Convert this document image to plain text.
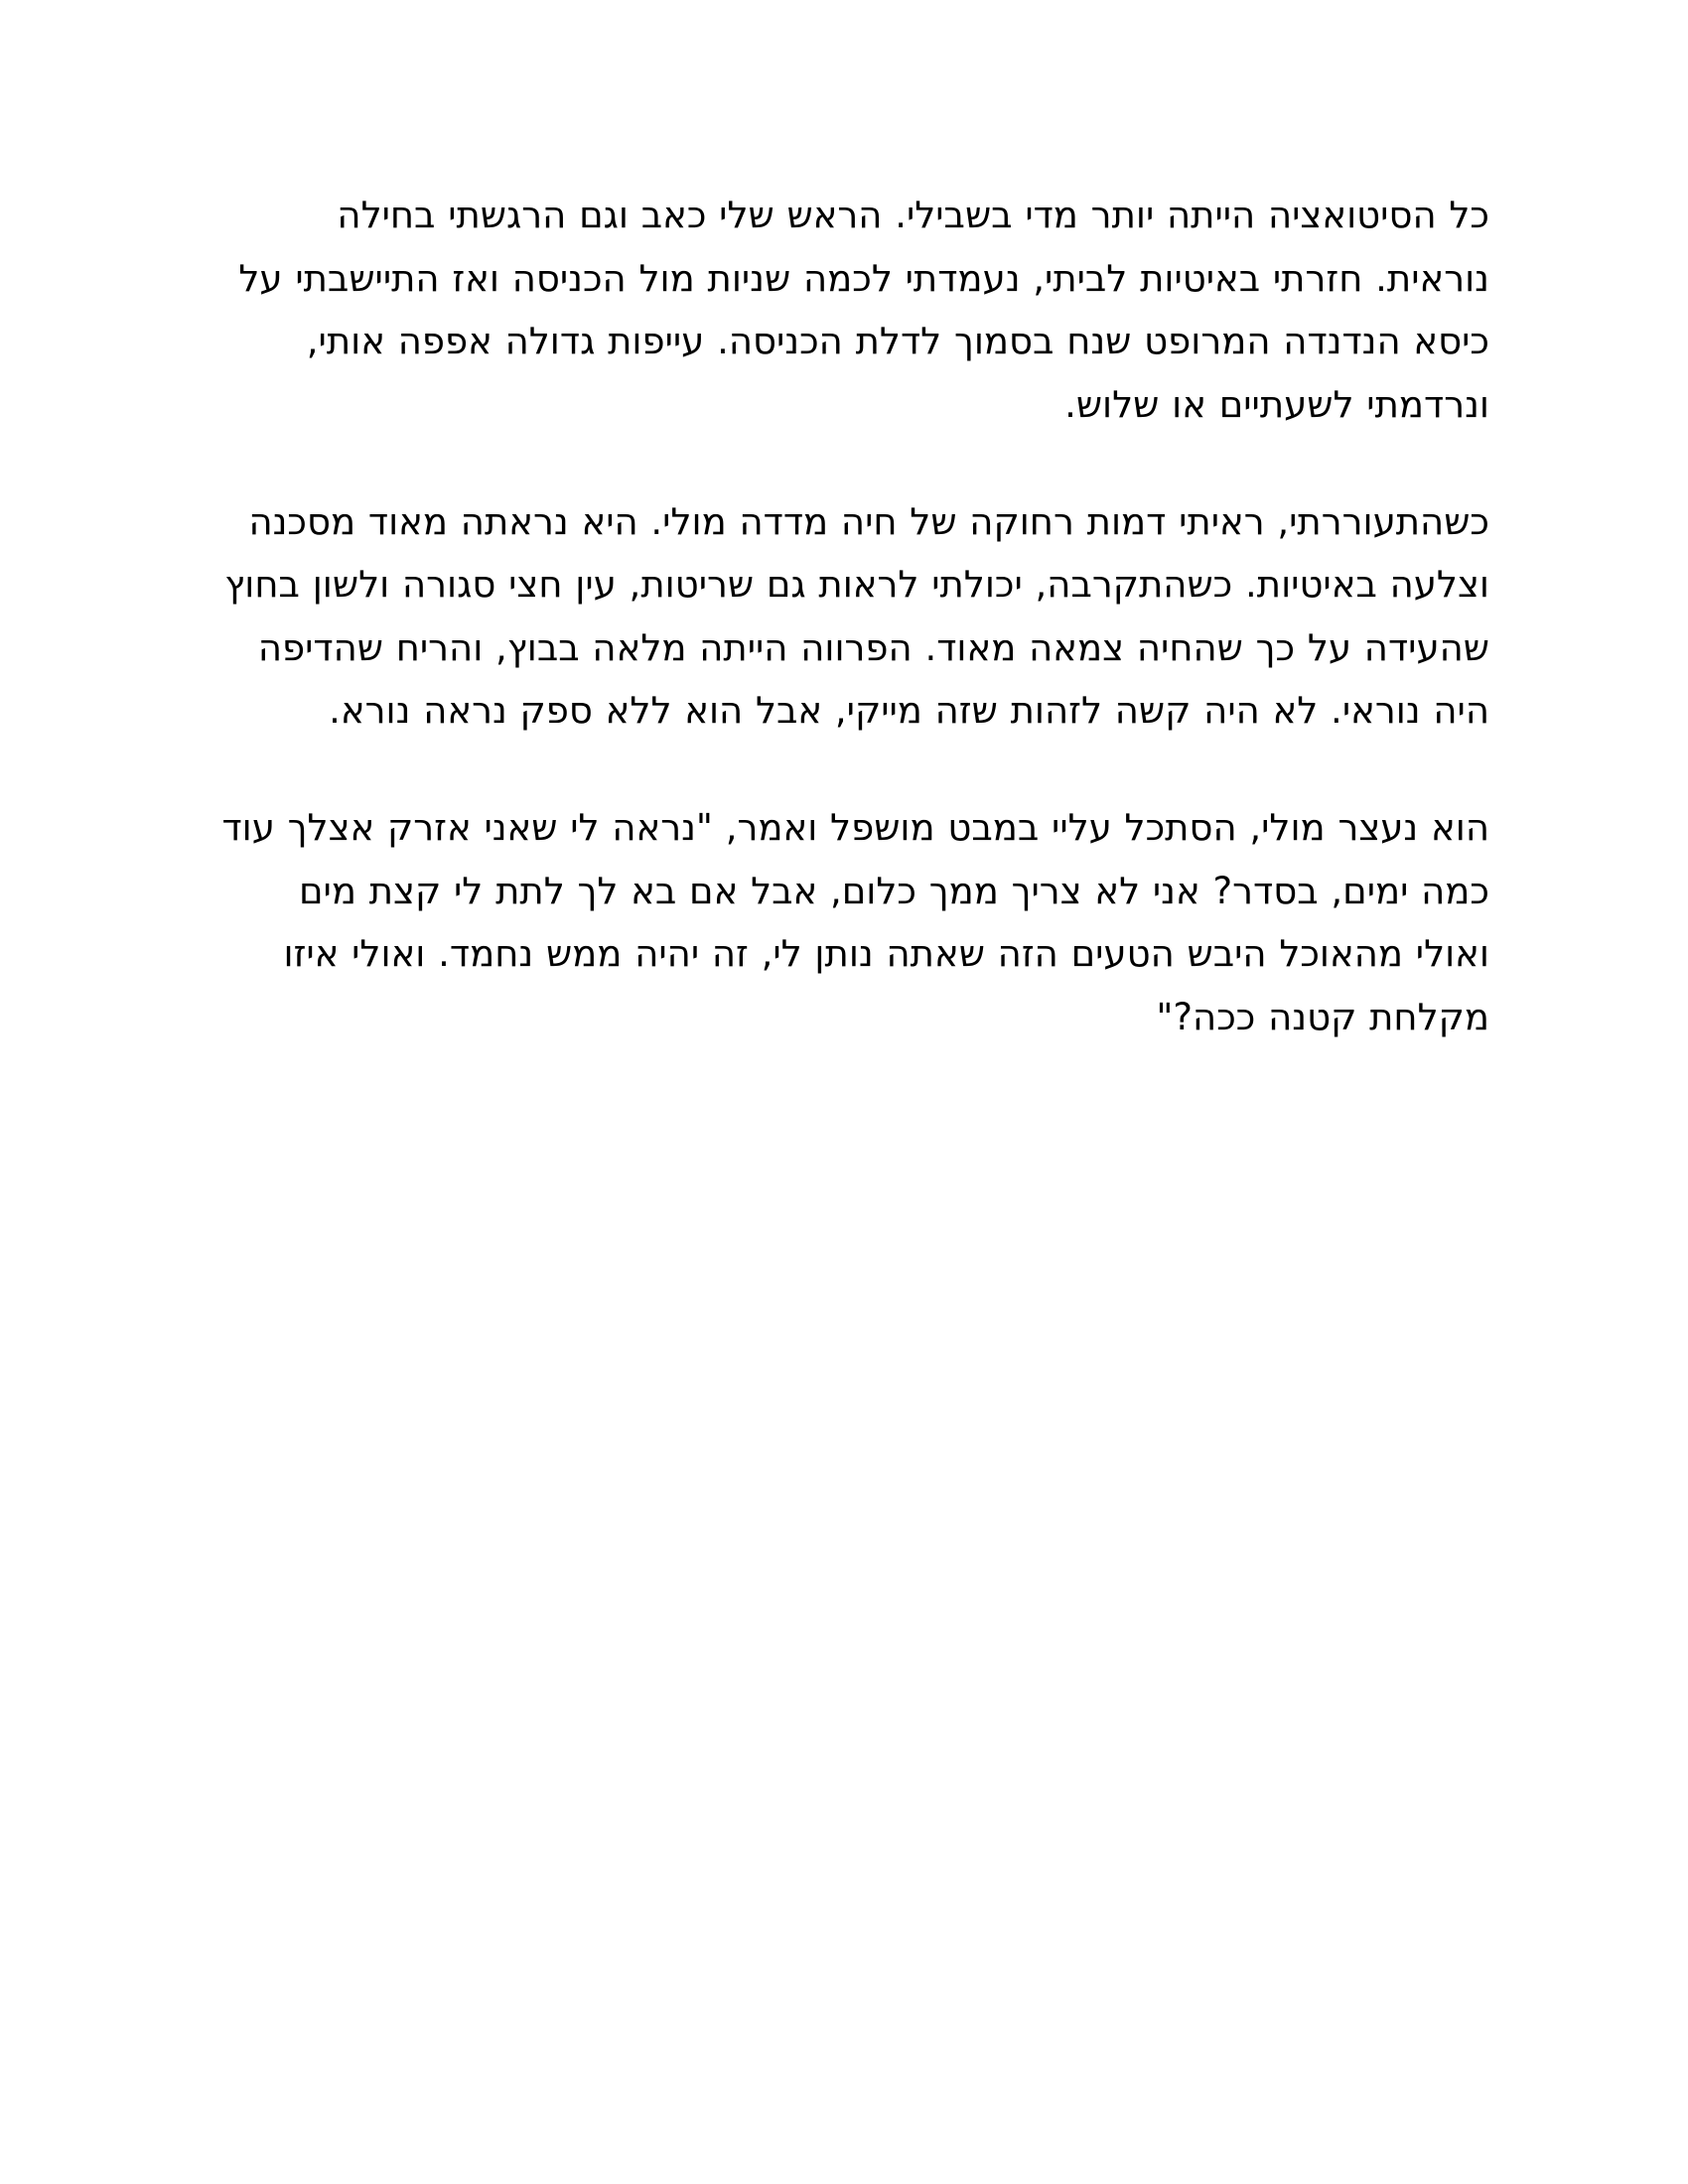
כל הסיטואציה הייתה יותר מדי בשבילי. הראש שלי כאב וגם הרגשתי בחילה נוראית. חזרתי באיטיות לביתי, נעמדתי לכמה שניות מול הכניסה ואז התיישבתי על כיסא הנדנדה המרופט שנח בסמוך לדלת הכניסה. עייפות גדולה אפפה אותי, ונרדמתי לשעתיים או שלוש.

כשהתעוררתי, ראיתי דמות רחוקה של חיה מדדה מולי. היא נראתה מאוד מסכנה וצלעה באיטיות. כשהתקרבה, יכולתי לראות גם שריטות, עין חצי סגורה ולשון בחוץ שהעידה על כך שהחיה צמאה מאוד. הפרווה הייתה מלאה בבוץ, והריח שהדיפה היה נוראי. לא היה קשה לזהות שזה מייקי, אבל הוא ללא ספק נראה נורא.

הוא נעצר מולי, הסתכל עליי במבט מושפל ואמר, "נראה לי שאני אזרק אצלך עוד כמה ימים, בסדר? אני לא צריך ממך כלום, אבל אם בא לך לתת לי קצת מים ואולי מהאוכל היבש הטעים הזה שאתה נותן לי, זה יהיה ממש נחמד. ואולי איזו מקלחת קטנה ככה?"
